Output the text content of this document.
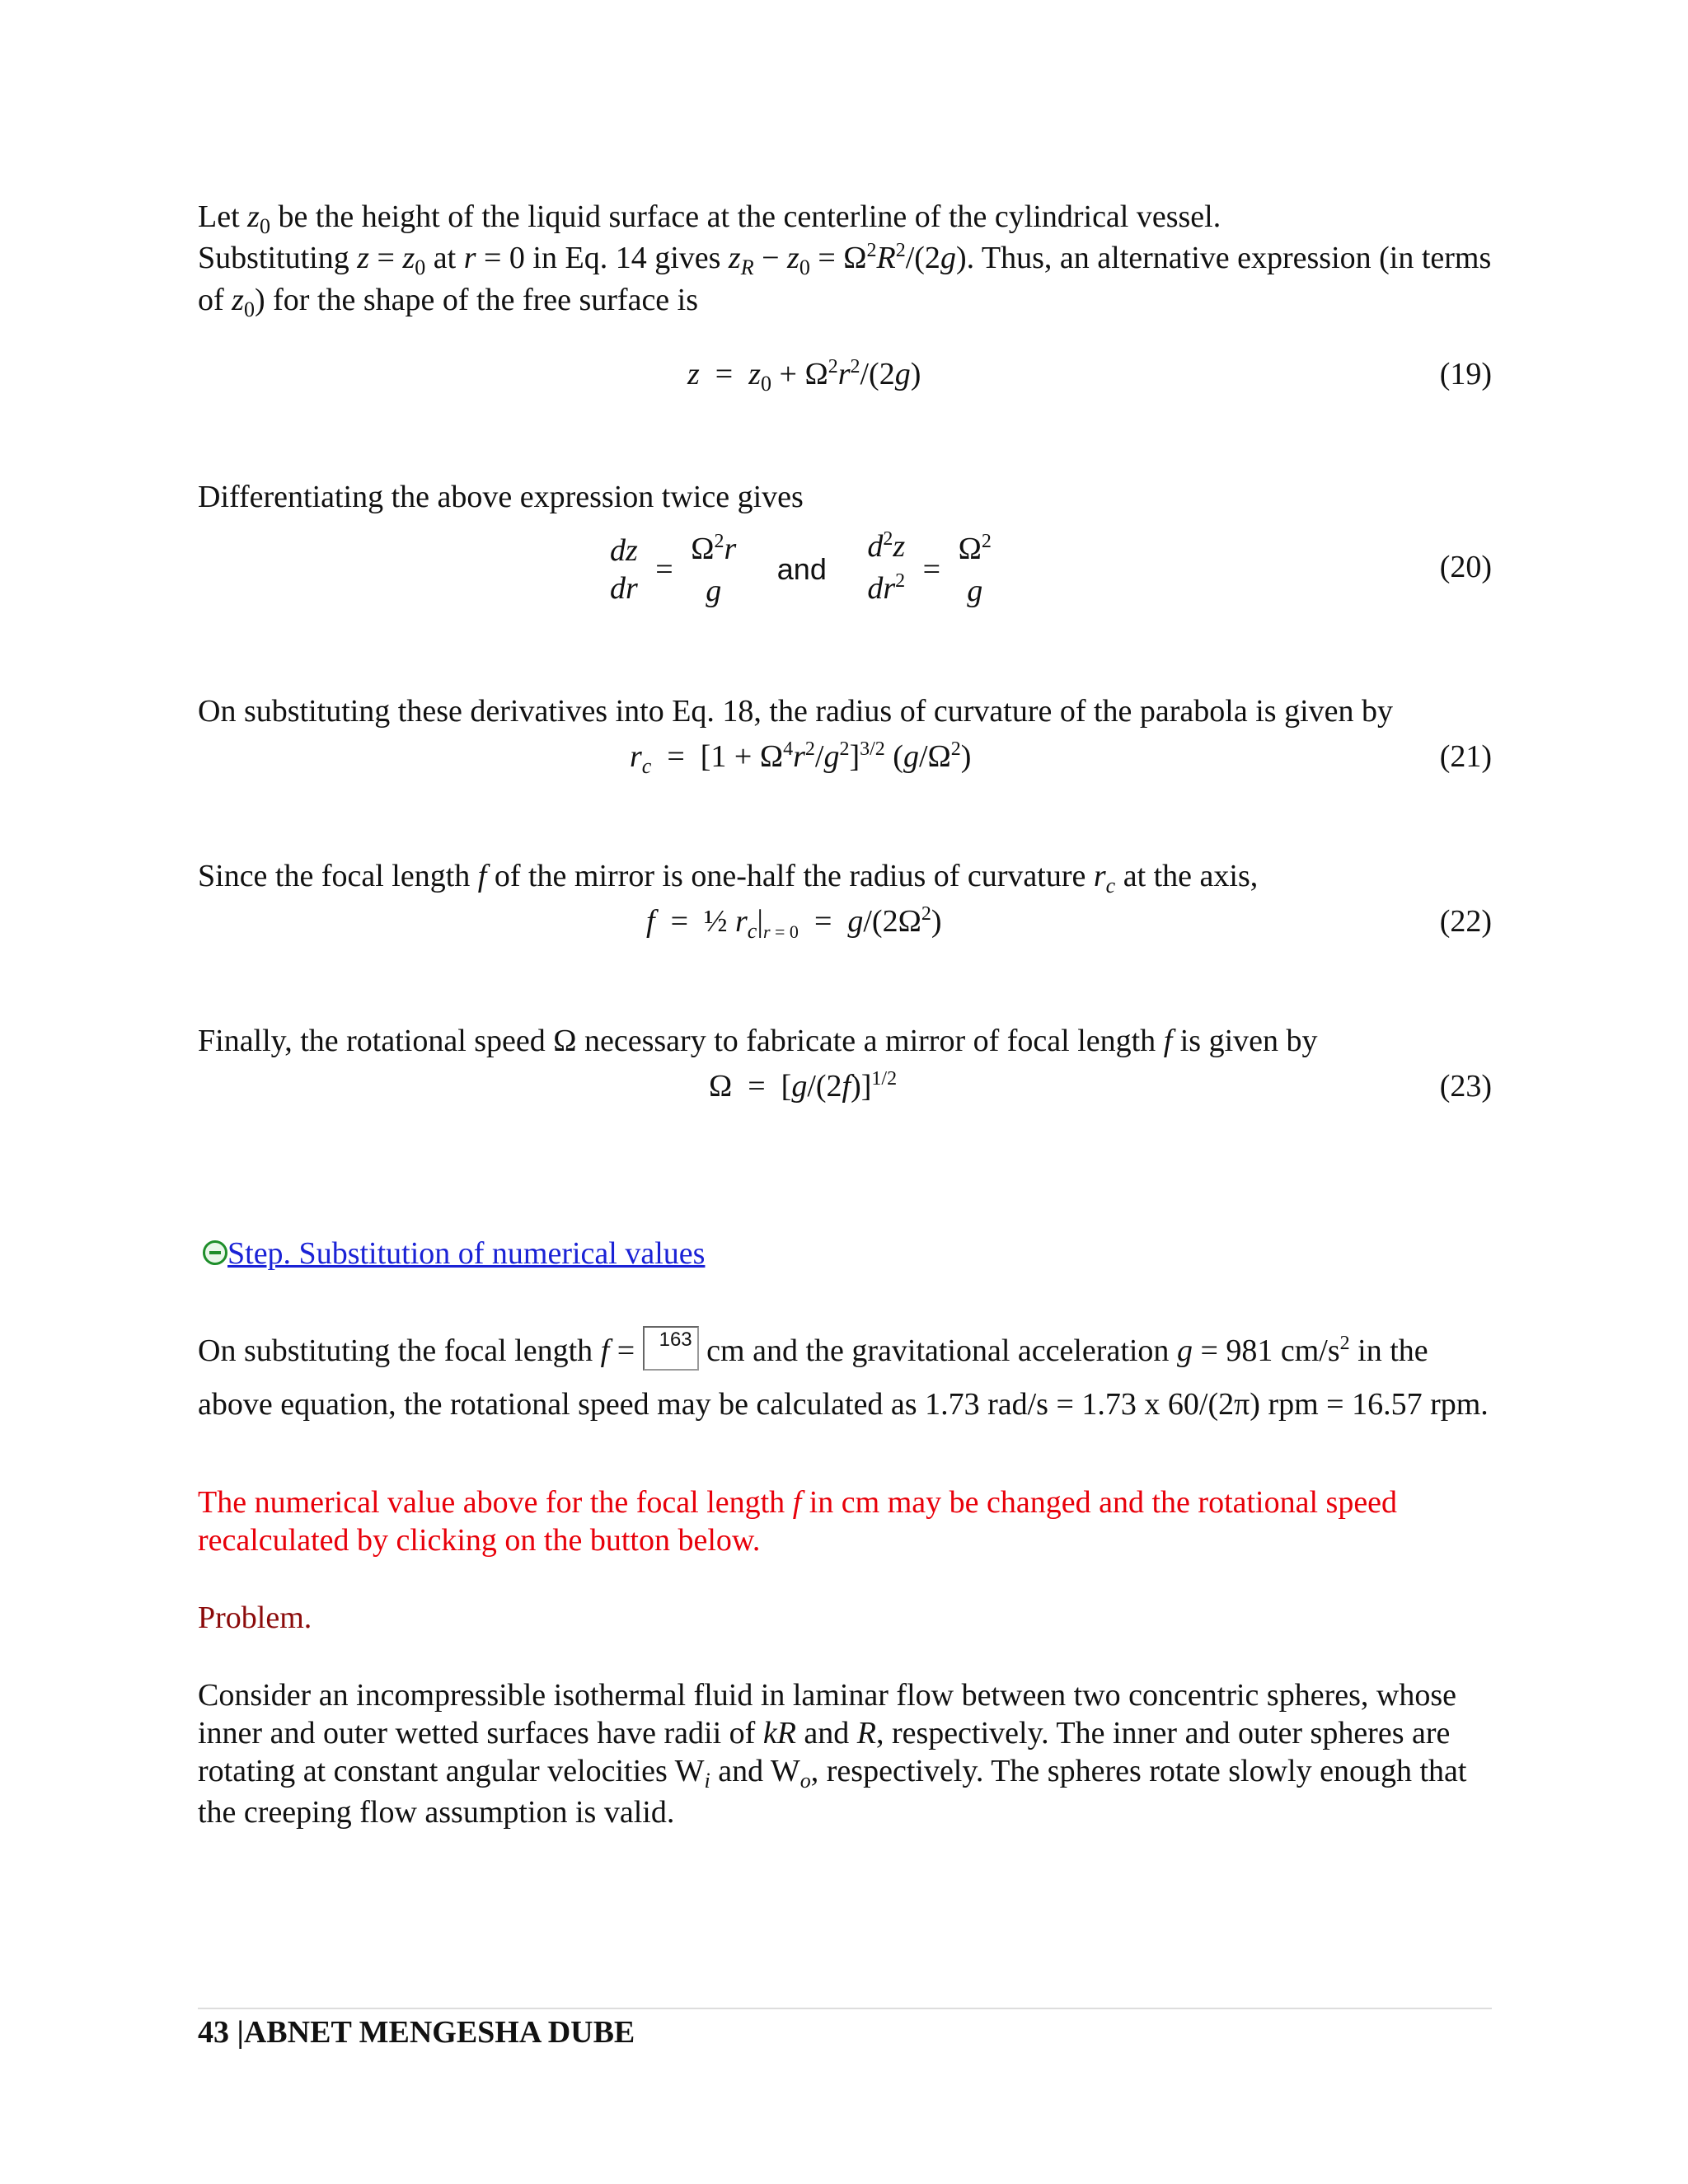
Let $z_0$ be the height of the liquid surface at the centerline of the cylindrical vessel.
Substituting $z = z_0$ at r = 0 in Eq. 14 gives $z_R - z_0 = \Omega^2R^2/(2g)$. Thus, an alternative expression (in terms of $z_0$) for the shape of the free surface is
$z = z_0 + \Omega^2r^2/(2g)$	(19)
Differentiating the above expression twice gives
dz
dr
=
$\Omega^2r$
g
and
$d^2z$
$dr^2$ =
$\Omega^2$
g
(20)
On substituting these derivatives into Eq. 18, the radius of curvature of the parabola is given by
$r_c = [1 + \Omega^4r^2/g^2]^{3/2}$ $(g/\Omega^2)$	(21)
Since the focal length f of the mirror is one-half the radius of curvature $r_c$ at the axis,
f  =  ½ $r_c|_{r = 0} = g/(2\Omega^2)$	(22)
Finally, the rotational speed Ω necessary to fabricate a mirror of focal length f is given by
$\Omega = [g/(2f)]^{1/2}$	(23)
Step. Substitution of numerical values
On substituting the focal length f = 163 cm and the gravitational acceleration g = 981 $cm/s^2$ in the above equation, the rotational speed may be calculated as 1.73 rad/s = 1.73 x 60/(2π) rpm = 16.57 rpm.
The numerical value above for the focal length f in cm may be changed and the rotational speed recalculated by clicking on the button below.
Problem.
Consider an incompressible isothermal fluid in laminar flow between two concentric spheres, whose inner and outer wetted surfaces have radii of kR and R, respectively. The inner and outer spheres are rotating at constant angular velocities $W_i$ and $W_o$, respectively. The spheres rotate slowly enough that the creeping flow assumption is valid.
43 |ABNET MENGESHA DUBE
